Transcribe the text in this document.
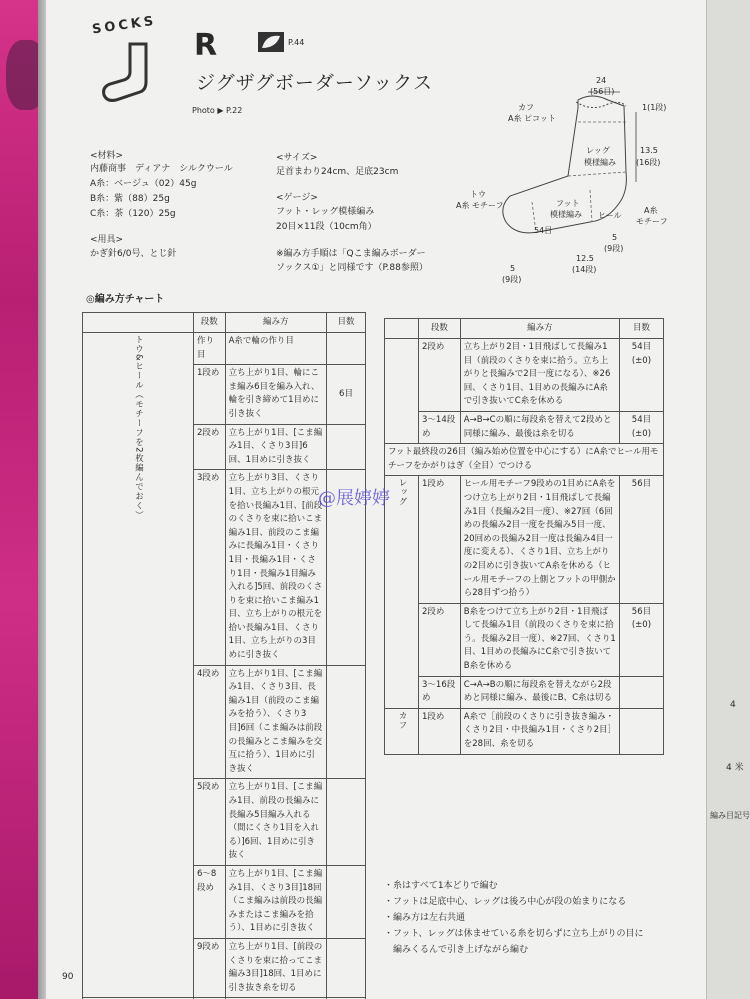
SOCKS
R	P.44
ジグザグボーダーソックス
Photo ▶ P.22
<材料>
内藤商事　ディアナ　シルクウール
A糸：ベージュ（02）45g
B糸：紫（88）25g
C糸：茶（120）25g
<用具>
かぎ針6/0号、とじ針
<サイズ>
足首まわり24cm、足底23cm
<ゲージ>
フット・レッグ模様編み
20目×11段（10cm角）
※編み方手順は「Qこま編みボーダー
ソックス①」と同様です（P.88参照）
24
(56目)
カフ
A糸 ピコット
1(1段)
レッグ
模様編み
13.5
(16段)
トウ
A糸 モチーフ	フット
模様編み ヒール
A糸
モチーフ
54目
5
(9段)
12.5
(14段)
5
(9段)
◎編み方チャート
	段数	編み方	目数
トウ&ヒール（モチーフを2枚編んでおく）	作り目	A糸で輪の作り目	
	1段め	立ち上がり1目、輪にこま編み6目を編み入れ、輪を引き締めて1目めに引き抜く	6目
	2段め	立ち上がり1目、[こま編み1目、くさり3目]6回、1目めに引き抜く	
	3段め	立ち上がり3目、くさり1目、立ち上がりの根元を拾い長編み1目、[前段のくさりを束に拾いこま編み1目、前段のこま編みに長編み1目・くさり1目・長編み1目・くさり1目・長編み1目編み入れる]5回、前段のくさりを束に拾いこま編み1目、立ち上がりの根元を拾い長編み1目、くさり1目、立ち上がりの3目めに引き抜く	
	4段め	立ち上がり1目、[こま編み1目、くさり3目、長編み1目（前段のこま編みを拾う）、くさり3目]6回（こま編みは前段の長編みとこま編みを交互に拾う）、1目めに引き抜く	
	5段め	立ち上がり1目、[こま編み1目、前段の長編みに長編み5目編み入れる（間にくさり1目を入れる）]6回、1目めに引き抜く	
	6〜8段め	立ち上がり1目、[こま編み1目、くさり3目]18回（こま編みは前段の長編みまたはこま編みを拾う）、1目めに引き抜く	
	9段め	立ち上がり1目、[前段のくさりを束に拾ってこま編み3目]18回、1目めに引き抜き糸を切る	

	段数	編み方	目数
	2段め	立ち上がり2目・1目飛ばして長編み1目（前段のくさりを束に拾う。立ち上がりと長編みで2目一度になる）、※26回、くさり1目、1目めの長編みにA糸で引き抜いてC糸を休める	54目
(±0)

	3〜14段め	A→B→Cの順に毎段糸を替えて2段めと同様に編み、最後は糸を切る	54目
(±0)

フット最終段の26目（編み始め位置を中心にする）にA糸でヒール用モチーフをかがりはぎ（全目）でつける			
レッグ	1段め	ヒール用モチーフ9段めの1目めにA糸をつけ立ち上がり2目・1目飛ばして長編み1目（長編み2目一度）、※27回（6回めの長編み2目一度を長編み5目一度、20回めの長編み2目一度は長編み4目一度に変える）、くさり1目、立ち上がりの2目めに引き抜いてA糸を休める（ヒール用モチーフの上側とフットの甲側から28目ずつ拾う）	56目
	2段め	B糸をつけて立ち上がり2目・1目飛ばして長編み1目（前段のくさりを束に拾う。長編み2目一度）、※27回、くさり1目、1目めの長編みにC糸で引き抜いてB糸を休める	56目
(±0)

	3〜16段め	C→A→Bの順に毎段糸を替えながら2段めと同様に編み、最後にB、C糸は切る	
カフ	1段め	A糸で［前段のくさりに引き抜き編み・くさり2目・中長編み1目・くさり2目］を28回、糸を切る	
・糸はすべて1本どりで編む
・フットは足底中心、レッグは後ろ中心が段の始まりになる
・編み方は左右共通
・フット、レッグは休ませている糸を切らずに立ち上がりの目に
　編みくるんで引き上げながら編む
@展婷婷
90
編み目記号
4
4 米
